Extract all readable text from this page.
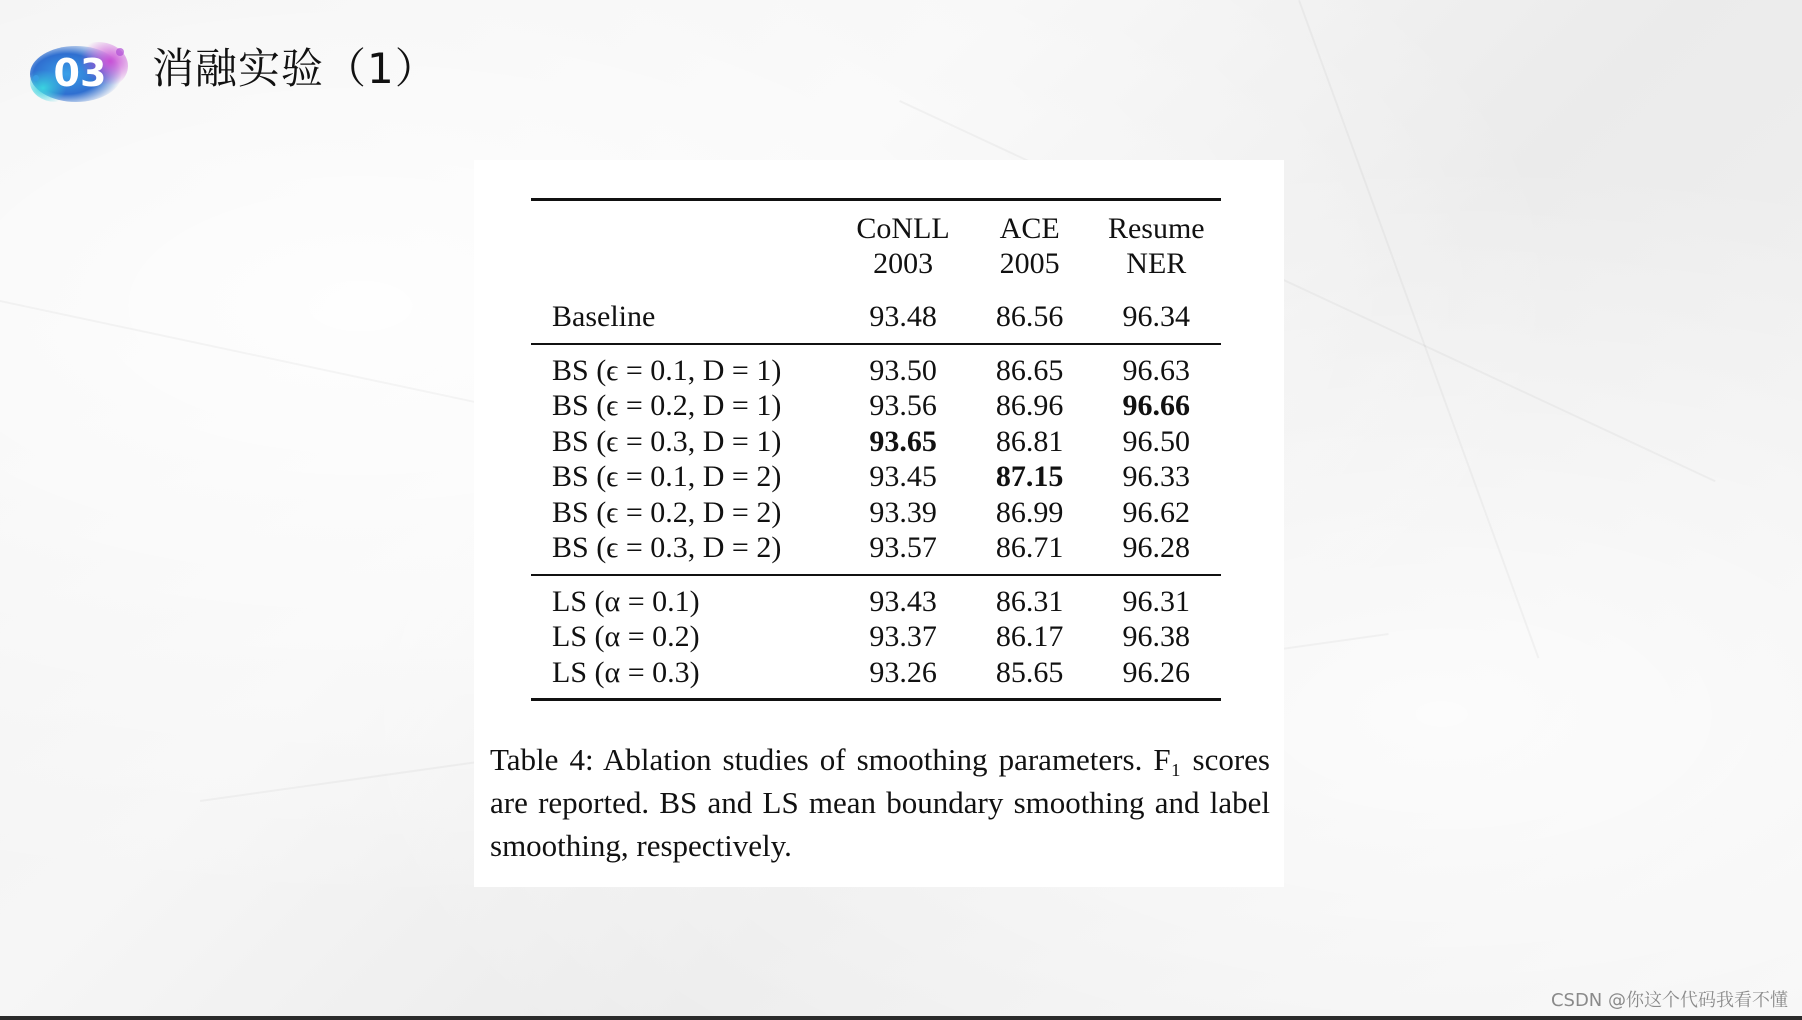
03 消融实验（1）
	CoNLL	ACE	Resume
	2003	2005	NER
Baseline	93.48	86.56	96.34
BS (ϵ = 0.1, D = 1)	93.50	86.65	96.63
BS (ϵ = 0.2, D = 1)	93.56	86.96	96.66
BS (ϵ = 0.3, D = 1)	93.65	86.81	96.50
BS (ϵ = 0.1, D = 2)	93.45	87.15	96.33
BS (ϵ = 0.2, D = 2)	93.39	86.99	96.62
BS (ϵ = 0.3, D = 2)	93.57	86.71	96.28
LS (α = 0.1)	93.43	86.31	96.31
LS (α = 0.2)	93.37	86.17	96.38
LS (α = 0.3)	93.26	85.65	96.26
Table 4: Ablation studies of smoothing parameters. F₁ scores are reported. BS and LS mean boundary smoothing and label smoothing, respectively.
CSDN @你这个代码我看不懂
